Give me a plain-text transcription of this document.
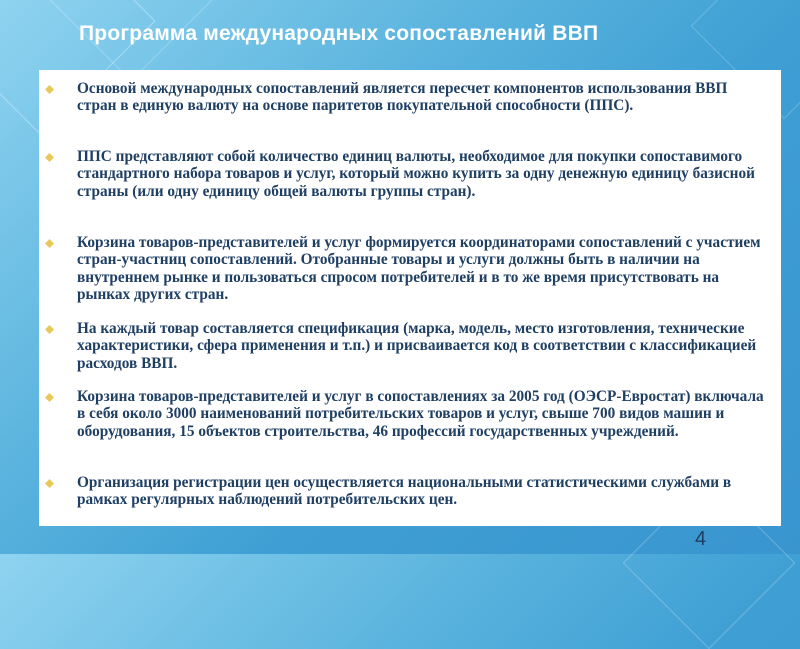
Программа международных сопоставлений ВВП
Основой международных сопоставлений является пересчет компонентов использования ВВП стран в единую валюту на основе паритетов покупательной способности (ППС).
ППС представляют собой количество единиц валюты, необходимое для покупки сопоставимого стандартного набора товаров и услуг, который можно купить за одну денежную единицу базисной страны (или одну единицу общей валюты группы стран).
Корзина товаров-представителей и услуг формируется координаторами сопоставлений с участием стран-участниц сопоставлений. Отобранные товары и услуги должны быть в наличии на внутреннем рынке и пользоваться спросом потребителей и в то же время присутствовать на рынках других стран.
На каждый товар составляется спецификация (марка, модель, место изготовления, технические характеристики, сфера применения и т.п.) и присваивается код в соответствии с классификацией расходов ВВП.
Корзина товаров-представителей и услуг в сопоставлениях за 2005 год (ОЭСР-Евростат) включала в себя около 3000 наименований потребительских товаров и услуг, свыше 700 видов машин и оборудования, 15 объектов строительства, 46 профессий государственных учреждений.
Организация регистрации цен осуществляется национальными статистическими службами в рамках регулярных наблюдений потребительских цен.
4
